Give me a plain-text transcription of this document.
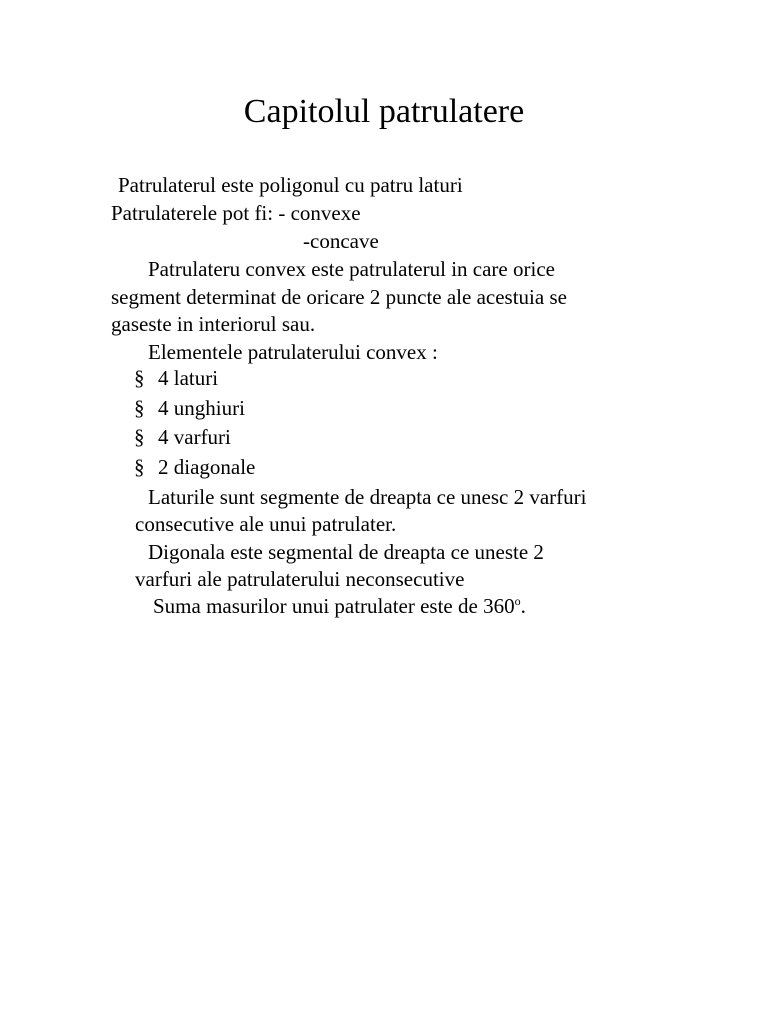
Capitolul patrulatere

Patrulaterul este poligonul cu patru laturi

Patrulaterele pot fi: - convexe

-concave

Patrulateru convex este patrulaterul in care orice

segment determinat de oricare 2 puncte ale acestuia se

gaseste in interiorul sau.

Elementele patrulaterului convex :

§ 4 laturi
§ 4 unghiuri
§ 4 varfuri
§ 2 diagonale

Laturile sunt segmente de dreapta ce unesc 2 varfuri

consecutive ale unui patrulater.

Digonala este segmental de dreapta ce uneste 2

varfuri ale patrulaterului neconsecutive

Suma masurilor unui patrulater este de 360$^o$.
